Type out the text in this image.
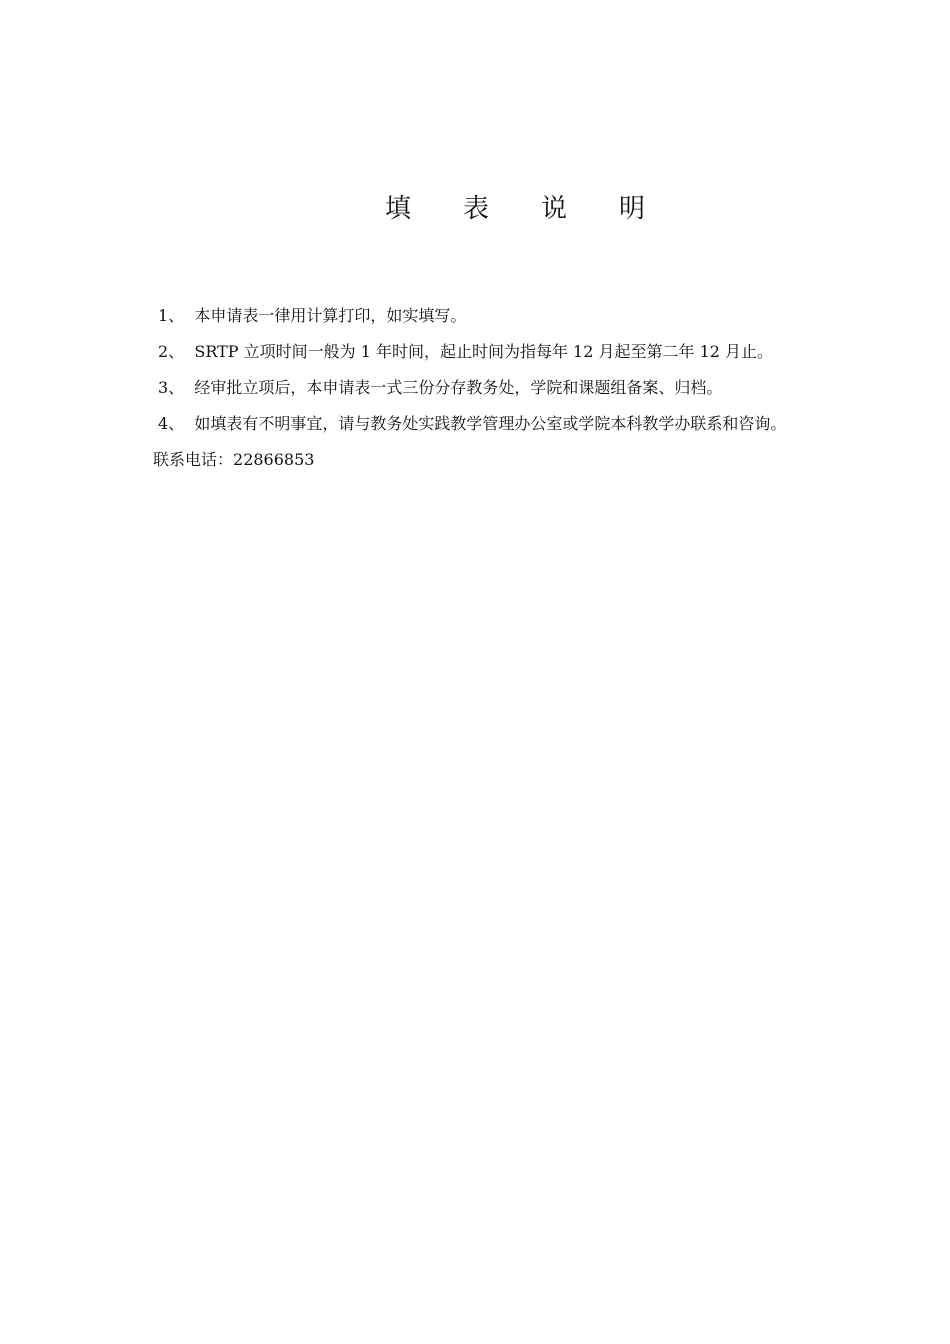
填 表 说 明

1、 本申请表一律用计算打印，如实填写。

2、 SRTP 立项时间一般为 1 年时间，起止时间为指每年 12 月起至第二年 12 月止。

3、 经审批立项后，本申请表一式三份分存教务处，学院和课题组备案、归档。

4、 如填表有不明事宜，请与教务处实践教学管理办公室或学院本科教学办联系和咨询。

联系电话：22866853
